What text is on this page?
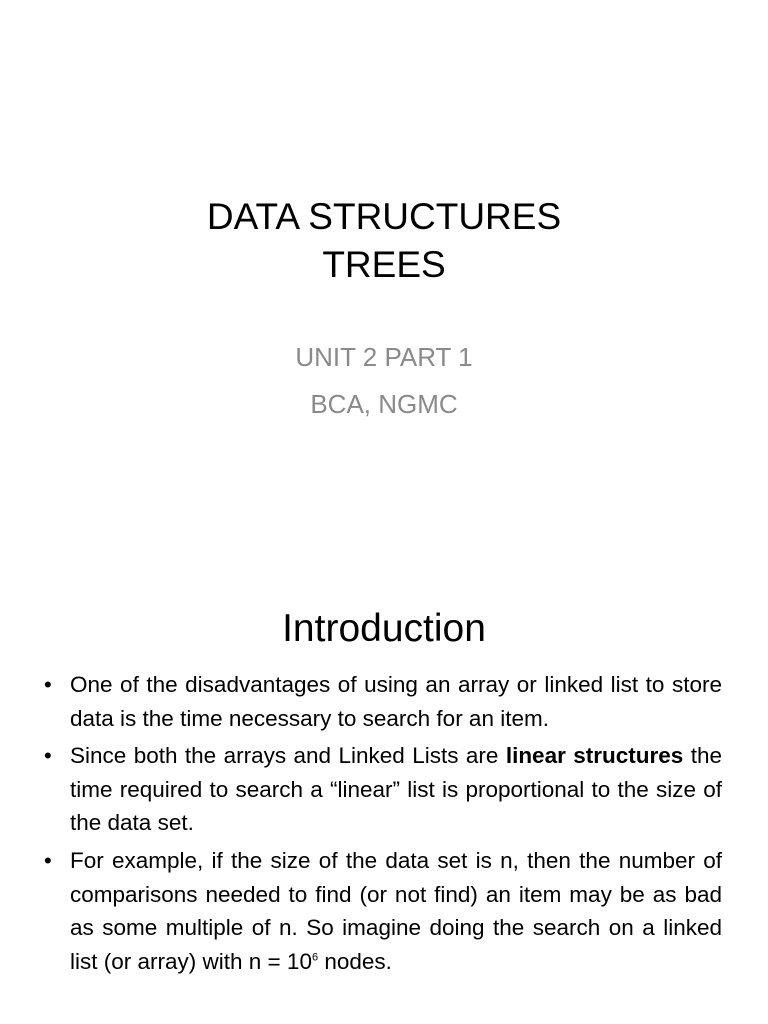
DATA STRUCTURES
TREES
UNIT 2 PART 1
BCA, NGMC
Introduction
• One of the disadvantages of using an array or linked list to store data is the time necessary to search for an item.
• Since both the arrays and Linked Lists are linear structures the time required to search a “linear” list is proportional to the size of the data set.
• For example, if the size of the data set is n, then the number of comparisons needed to find (or not find) an item may be as bad as some multiple of n. So imagine doing the search on a linked list (or array) with $n = 10^6$ nodes.
